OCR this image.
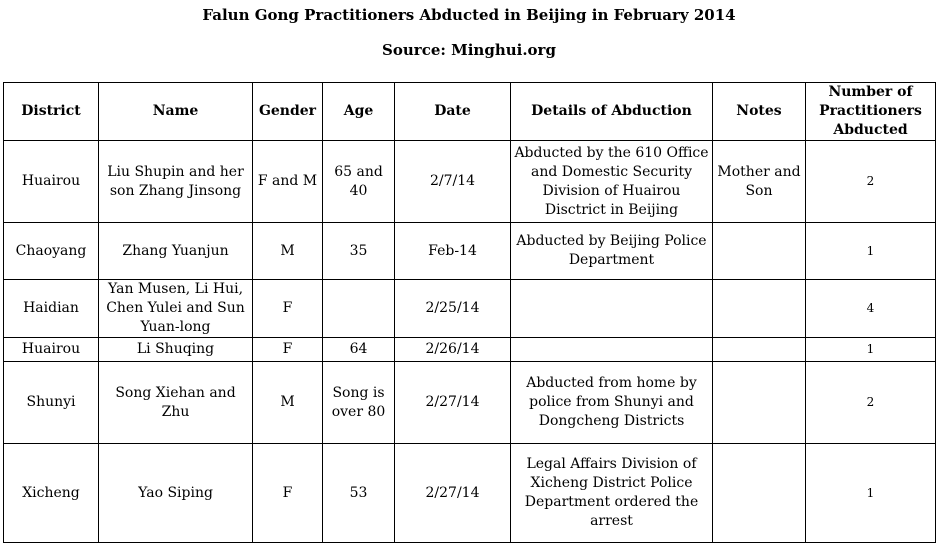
Falun Gong Practitioners Abducted in Beijing in February 2014
Source: Minghui.org
District	Name	Gender	Age	Date	Details of Abduction	Notes	Number of Practitioners Abducted
Huairou	Liu Shupin and her son Zhang Jinsong	F and M	65 and 40	2/7/14	Abducted by the 610 Office and Domestic Security Division of Huairou Disctrict in Beijing	Mother and Son	2
Chaoyang	Zhang Yuanjun	M	35	Feb-14	Abducted by Beijing Police Department		1
Haidian	Yan Musen, Li Hui, Chen Yulei and Sun Yuan-long	F		2/25/14			4
Huairou	Li Shuqing	F	64	2/26/14			1
Shunyi	Song Xiehan and Zhu	M	Song is over 80	2/27/14	Abducted from home by police from Shunyi and Dongcheng Districts		2
Xicheng	Yao Siping	F	53	2/27/14	Legal Affairs Division of Xicheng District Police Department ordered the arrest		1
